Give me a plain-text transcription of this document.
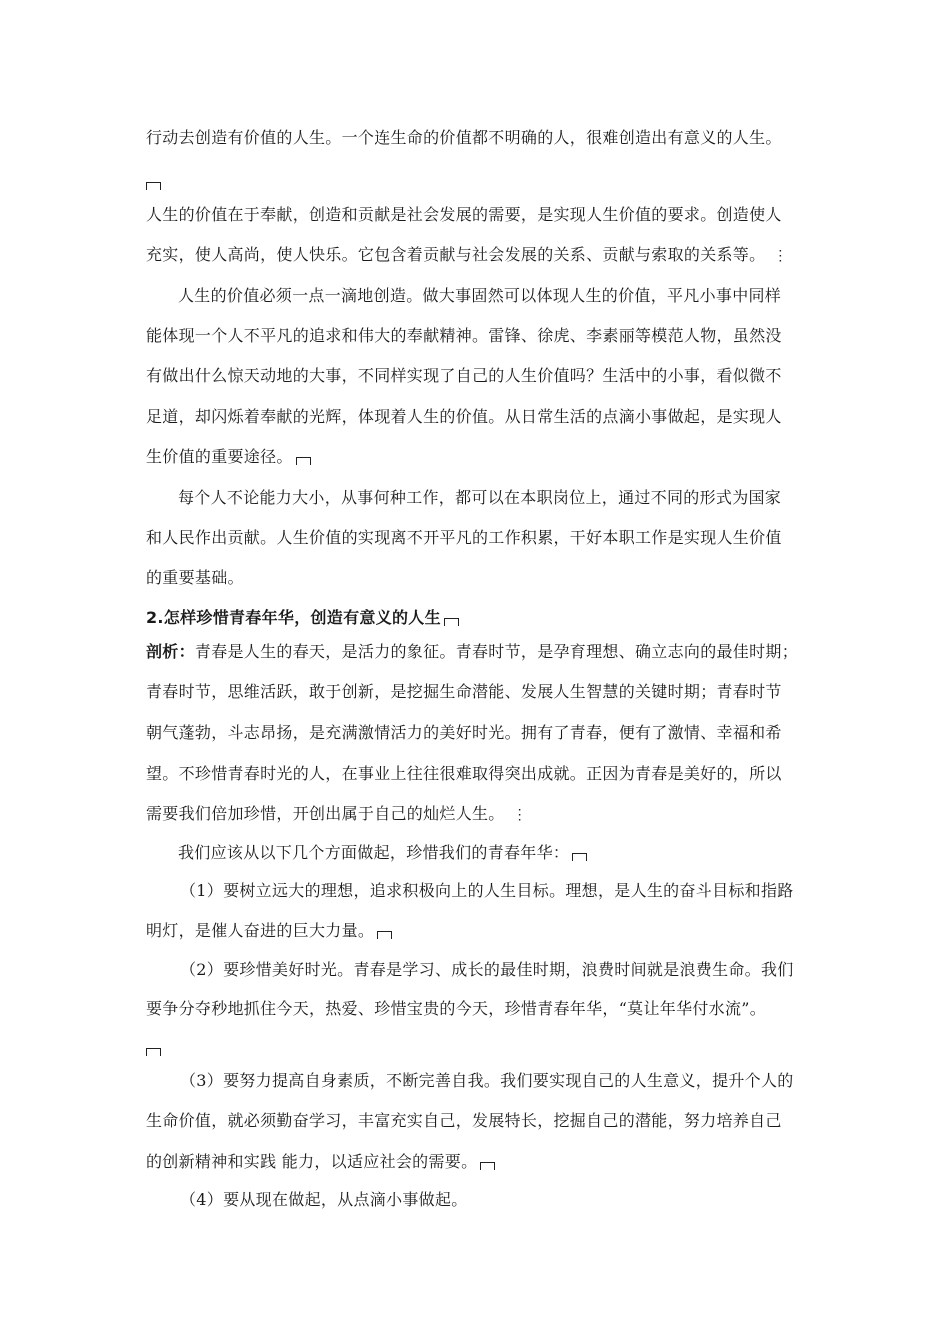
行动去创造有价值的人生。一个连生命的价值都不明确的人，很难创造出有意义的人生。
人生的价值在于奉献，创造和贡献是社会发展的需要，是实现人生价值的要求。创造使人
充实，使人高尚，使人快乐。它包含着贡献与社会发展的关系、贡献与索取的关系等。 ⋮
人生的价值必须一点一滴地创造。做大事固然可以体现人生的价值，平凡小事中同样
能体现一个人不平凡的追求和伟大的奉献精神。雷锋、徐虎、李素丽等模范人物，虽然没
有做出什么惊天动地的大事，不同样实现了自己的人生价值吗？生活中的小事，看似微不
足道，却闪烁着奉献的光辉，体现着人生的价值。从日常生活的点滴小事做起，是实现人
生价值的重要途径。
每个人不论能力大小，从事何种工作，都可以在本职岗位上，通过不同的形式为国家
和人民作出贡献。人生价值的实现离不开平凡的工作积累，干好本职工作是实现人生价值
的重要基础。
2.怎样珍惜青春年华，创造有意义的人生
剖析：青春是人生的春天，是活力的象征。青春时节，是孕育理想、确立志向的最佳时期；
青春时节，思维活跃，敢于创新，是挖掘生命潜能、发展人生智慧的关键时期；青春时节
朝气蓬勃，斗志昂扬，是充满激情活力的美好时光。拥有了青春，便有了激情、幸福和希
望。不珍惜青春时光的人，在事业上往往很难取得突出成就。正因为青春是美好的，所以
需要我们倍加珍惜，开创出属于自己的灿烂人生。 ⋮
我们应该从以下几个方面做起，珍惜我们的青春年华：
（1）要树立远大的理想，追求积极向上的人生目标。理想，是人生的奋斗目标和指路
明灯，是催人奋进的巨大力量。
（2）要珍惜美好时光。青春是学习、成长的最佳时期，浪费时间就是浪费生命。我们
要争分夺秒地抓住今天，热爱、珍惜宝贵的今天，珍惜青春年华，“莫让年华付水流”。
（3）要努力提高自身素质，不断完善自我。我们要实现自己的人生意义，提升个人的
生命价值，就必须勤奋学习，丰富充实自己，发展特长，挖掘自己的潜能，努力培养自己
的创新精神和实践 能力，以适应社会的需要。
（4）要从现在做起，从点滴小事做起。
